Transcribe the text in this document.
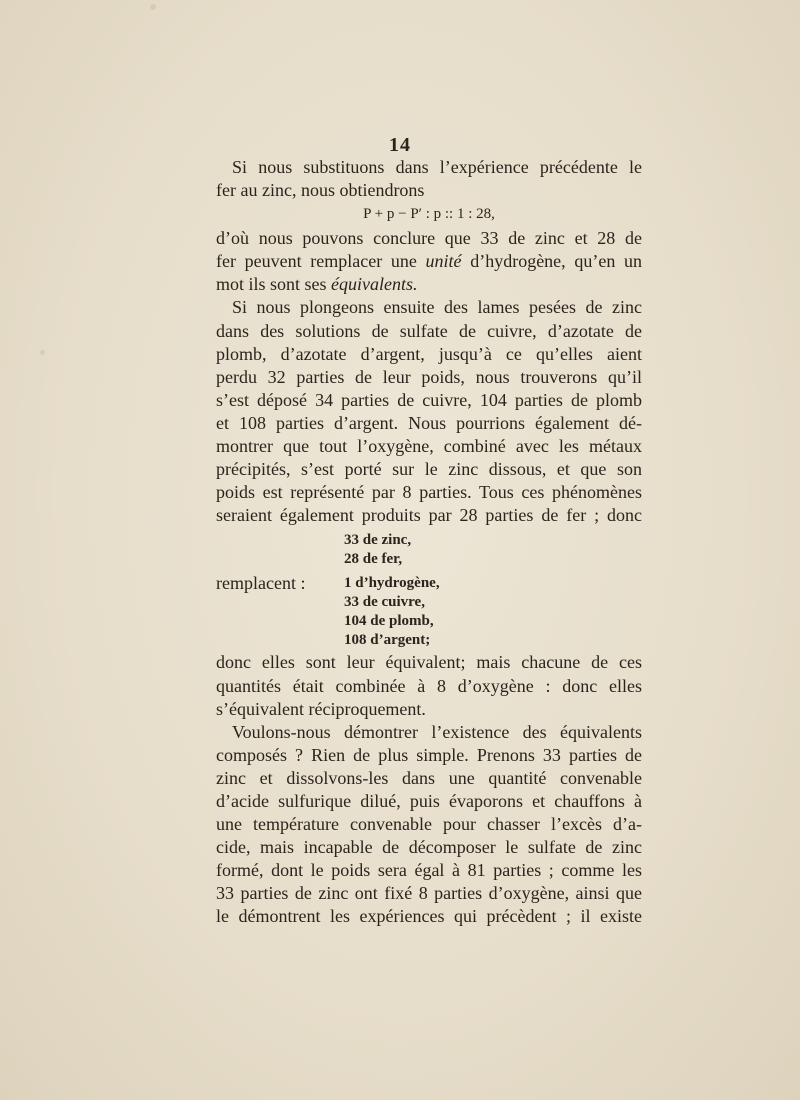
14
Si nous substituons dans l’expérience précédente le
fer au zinc, nous obtiendrons
P + p − P′ : p :: 1 : 28,
d’où nous pouvons conclure que 33 de zinc et 28 de
fer peuvent remplacer une unité d’hydrogène, qu’en un
mot ils sont ses équivalents.
Si nous plongeons ensuite des lames pesées de zinc
dans des solutions de sulfate de cuivre, d’azotate de
plomb, d’azotate d’argent, jusqu’à ce qu’elles aient
perdu 32 parties de leur poids, nous trouverons qu’il
s’est déposé 34 parties de cuivre, 104 parties de plomb
et 108 parties d’argent. Nous pourrions également dé-
montrer que tout l’oxygène, combiné avec les métaux
précipités, s’est porté sur le zinc dissous, et que son
poids est représenté par 8 parties. Tous ces phénomènes
seraient également produits par 28 parties de fer ; donc
33 de zinc,
28 de fer,
remplacent :	1 d’hydrogène,
33 de cuivre,
104 de plomb,
108 d’argent;
donc elles sont leur équivalent; mais chacune de ces
quantités était combinée à 8 d’oxygène : donc elles
s’équivalent réciproquement.
Voulons-nous démontrer l’existence des équivalents
composés ? Rien de plus simple. Prenons 33 parties de
zinc et dissolvons-les dans une quantité convenable
d’acide sulfurique dilué, puis évaporons et chauffons à
une température convenable pour chasser l’excès d’a-
cide, mais incapable de décomposer le sulfate de zinc
formé, dont le poids sera égal à 81 parties ; comme les
33 parties de zinc ont fixé 8 parties d’oxygène, ainsi que
le démontrent les expériences qui précèdent ; il existe
